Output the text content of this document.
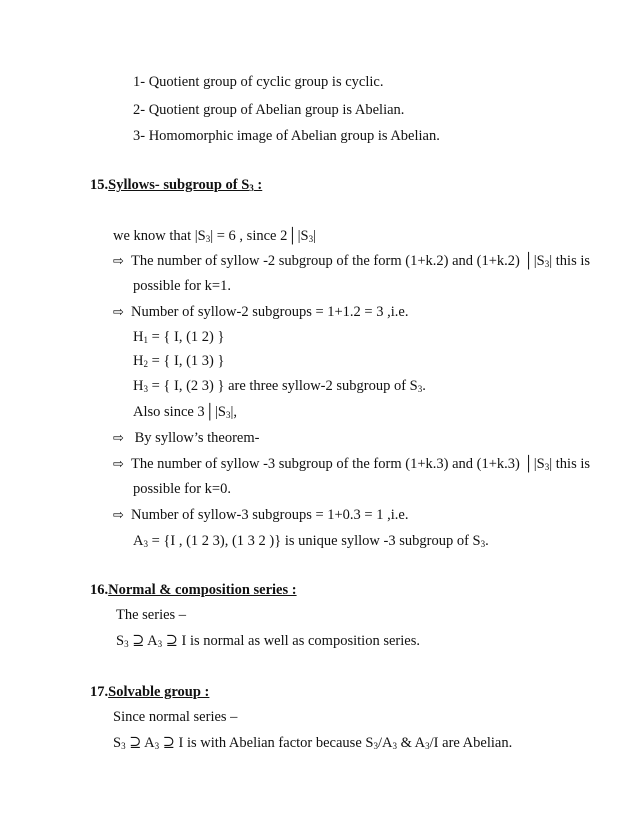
1- Quotient group of cyclic group is cyclic.
2- Quotient group of Abelian group is Abelian.
3- Homomorphic image of Abelian group is Abelian.
15.Syllows- subgroup of $S_3$ :
we know that $|S_3| = 6$ , since $2│|S_3|$
⇨ The number of syllow -2 subgroup of the form (1+k.2) and (1+k.2) $│|S_3|$ this is
possible for k=1.
⇨ Number of syllow-2 subgroups = 1+1.2 = 3 ,i.e.
$H_1$ = { I, (1 2) }
$H_2$ = { I, (1 3) }
$H_3$ = { I, (2 3) } are three syllow-2 subgroup of $S_3$.
Also since $3│|S_3|$,
⇨ By syllow’s theorem-
⇨ The number of syllow -3 subgroup of the form (1+k.3) and (1+k.3) $│|S_3|$ this is
possible for k=0.
⇨ Number of syllow-3 subgroups = 1+0.3 = 1 ,i.e.
$A_3 = \{I$ , (1 2 3), (1 3 2 )} is unique syllow -3 subgroup of $S_3$.
16.Normal & composition series :
The series –
$S_3$ ⊇ $A_3$ ⊇ I is normal as well as composition series.
17.Solvable group :
Since normal series –
$S_3$ ⊇ $A_3$ ⊇ I is with Abelian factor because $S_3/A_3$ & $A_3/I$ are Abelian.
